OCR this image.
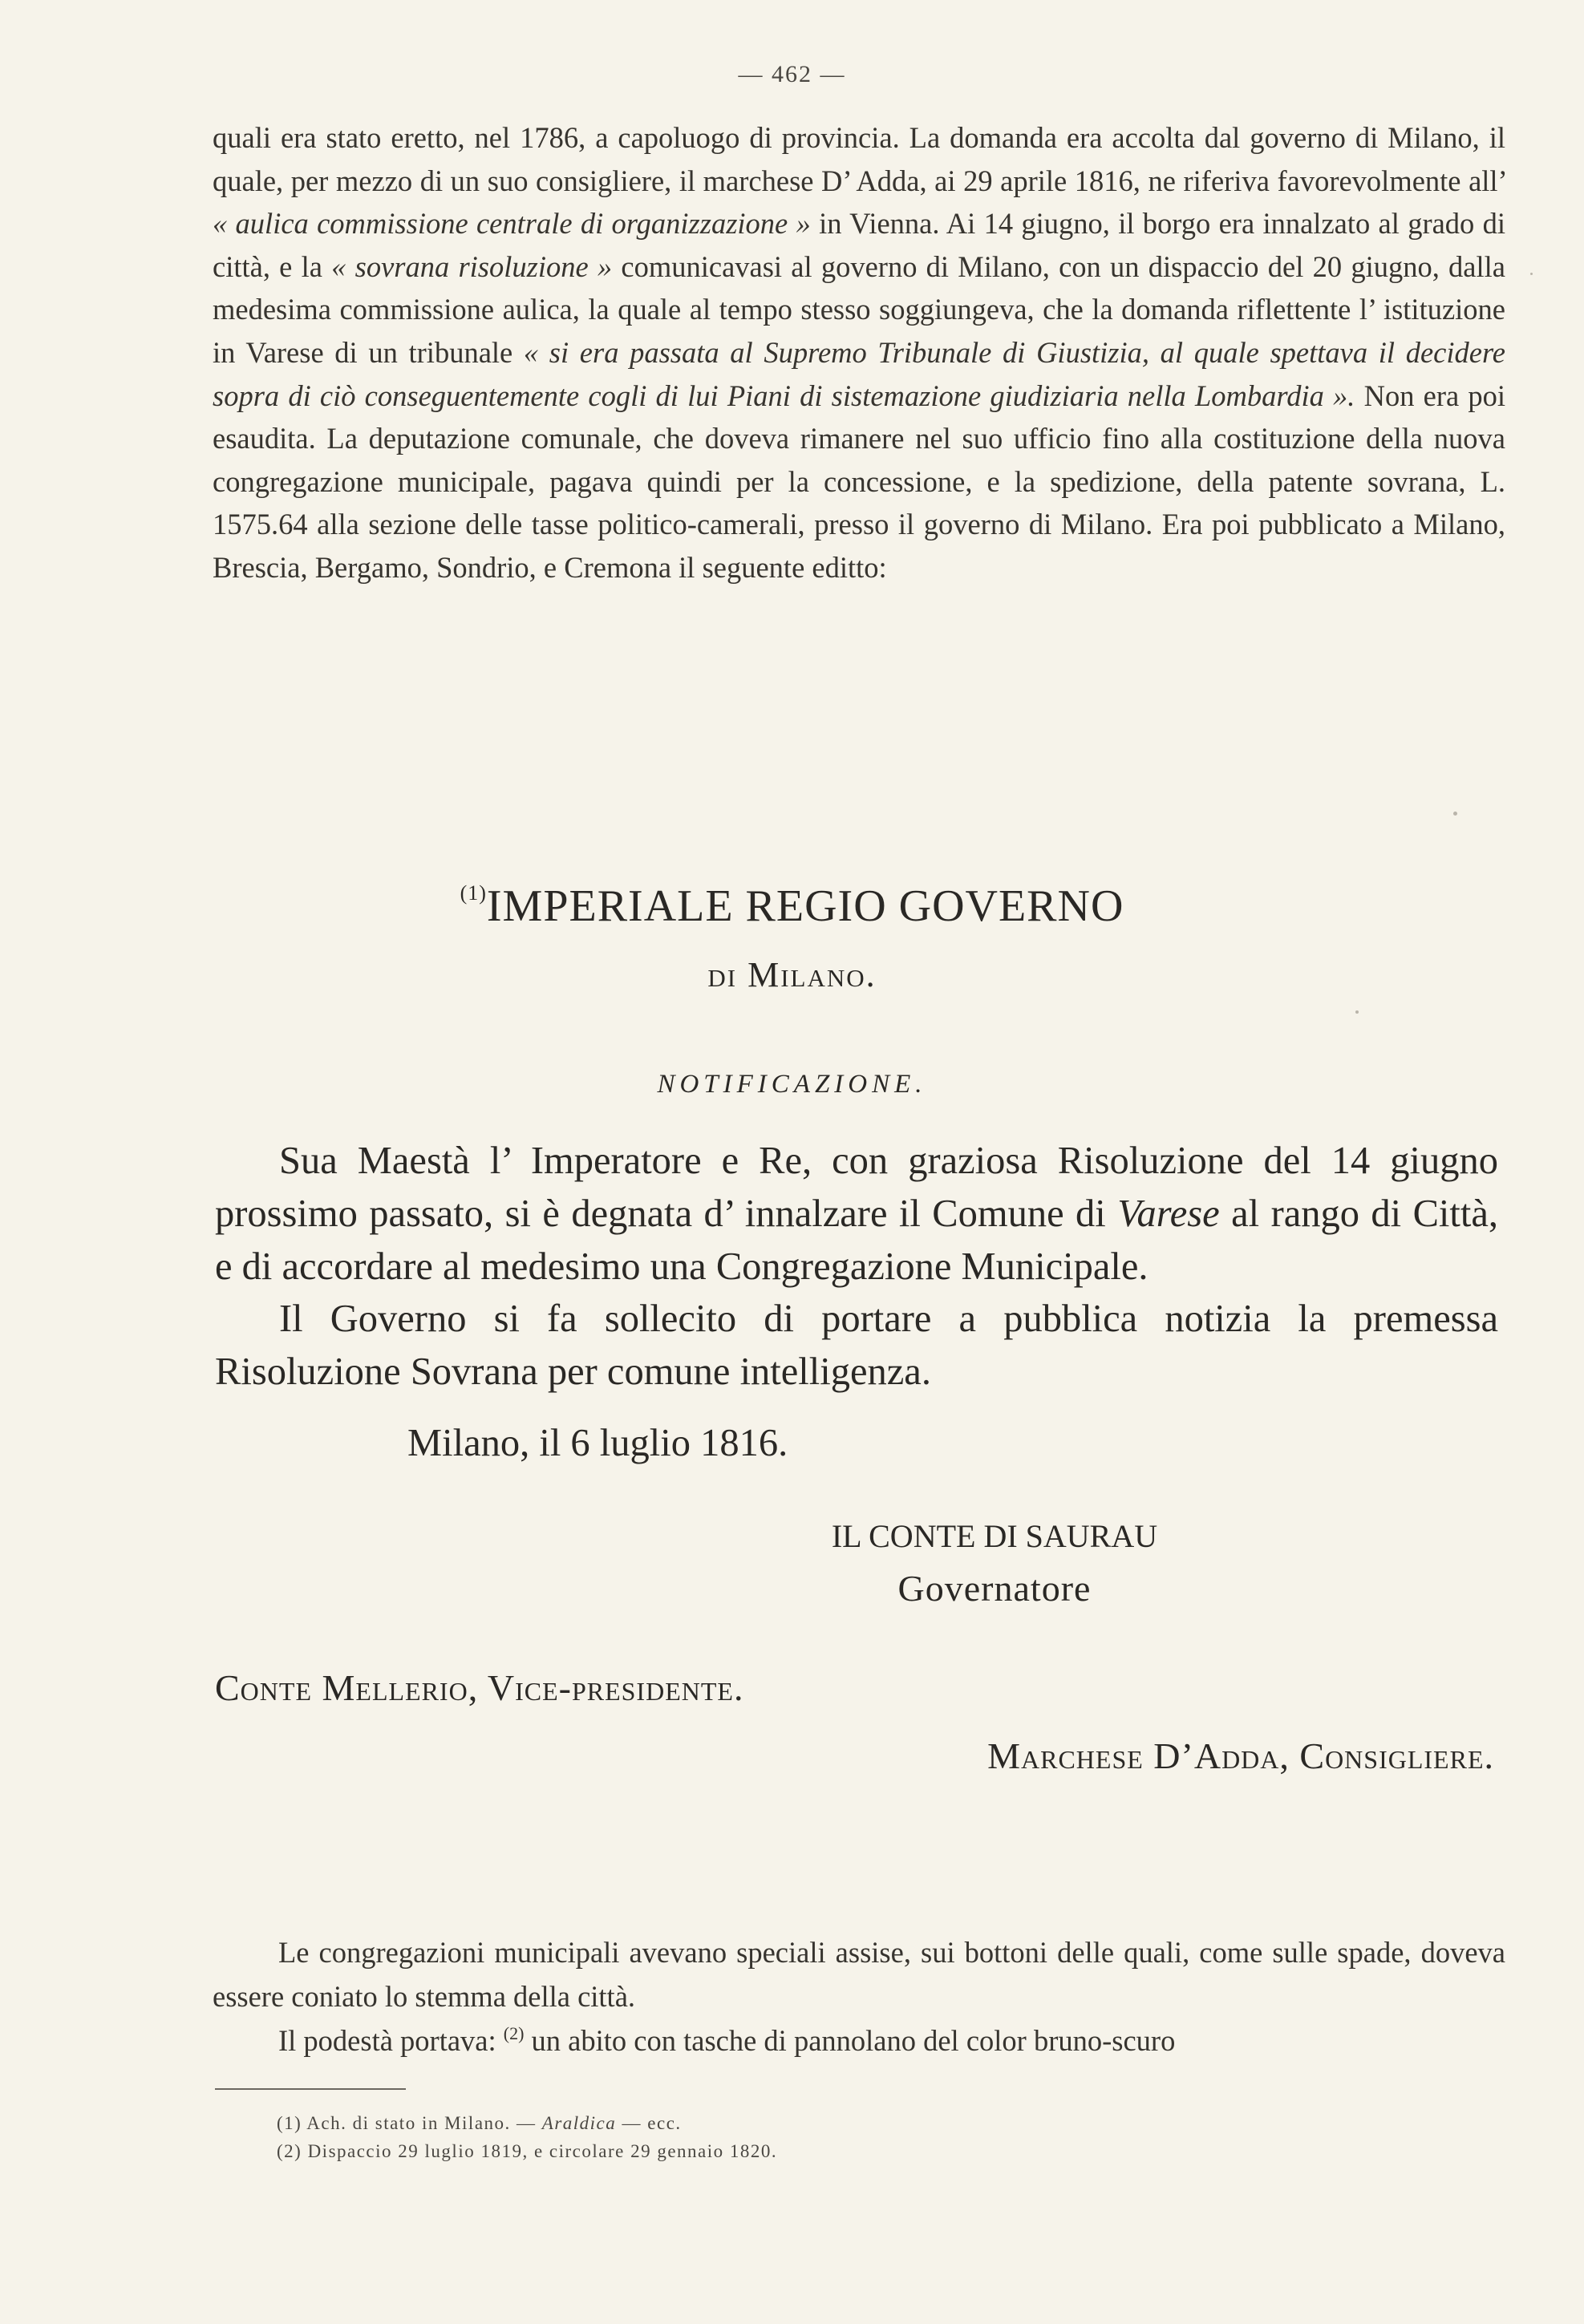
— 462 —

quali era stato eretto, nel 1786, a capoluogo di provincia. La domanda era accolta dal governo di Milano, il quale, per mezzo di un suo consigliere, il marchese D’ Adda, ai 29 aprile 1816, ne riferiva favorevolmente all’ « aulica commissione centrale di organizzazione » in Vienna. Ai 14 giugno, il borgo era innalzato al grado di città, e la « sovrana risoluzione » comunicavasi al governo di Milano, con un dispaccio del 20 giugno, dalla medesima commissione aulica, la quale al tempo stesso soggiungeva, che la domanda riflettente l’ istituzione in Varese di un tribunale « si era passata al Supremo Tribunale di Giustizia, al quale spettava il decidere sopra di ciò conseguentemente cogli di lui Piani di sistemazione giudiziaria nella Lombardia ». Non era poi esaudita. La deputazione comunale, che doveva rimanere nel suo ufficio fino alla costituzione della nuova congregazione municipale, pagava quindi per la concessione, e la spedizione, della patente sovrana, L. 1575.64 alla sezione delle tasse politico-camerali, presso il governo di Milano. Era poi pubblicato a Milano, Brescia, Bergamo, Sondrio, e Cremona il seguente editto:

$^{(1)}$IMPERIALE REGIO GOVERNO
di Milano.
NOTIFICAZIONE.

Sua Maestà l’ Imperatore e Re, con graziosa Risoluzione del 14 giugno prossimo passato, si è degnata d’ innalzare il Comune di Varese al rango di Città, e di accordare al medesimo una Congregazione Municipale.

Il Governo si fa sollecito di portare a pubblica notizia la premessa Risoluzione Sovrana per comune intelligenza.

Milano, il 6 luglio 1816.
IL CONTE DI SAURAU
Governatore
Conte Mellerio, Vice-presidente.
Marchese D’Adda, Consigliere.

Le congregazioni municipali avevano speciali assise, sui bottoni delle quali, come sulle spade, doveva essere coniato lo stemma della città.

Il podestà portava: $^{(2)}$ un abito con tasche di pannolano del color bruno-scuro

(1) Ach. di stato in Milano. — Araldica — ecc.

(2) Dispaccio 29 luglio 1819, e circolare 29 gennaio 1820.
